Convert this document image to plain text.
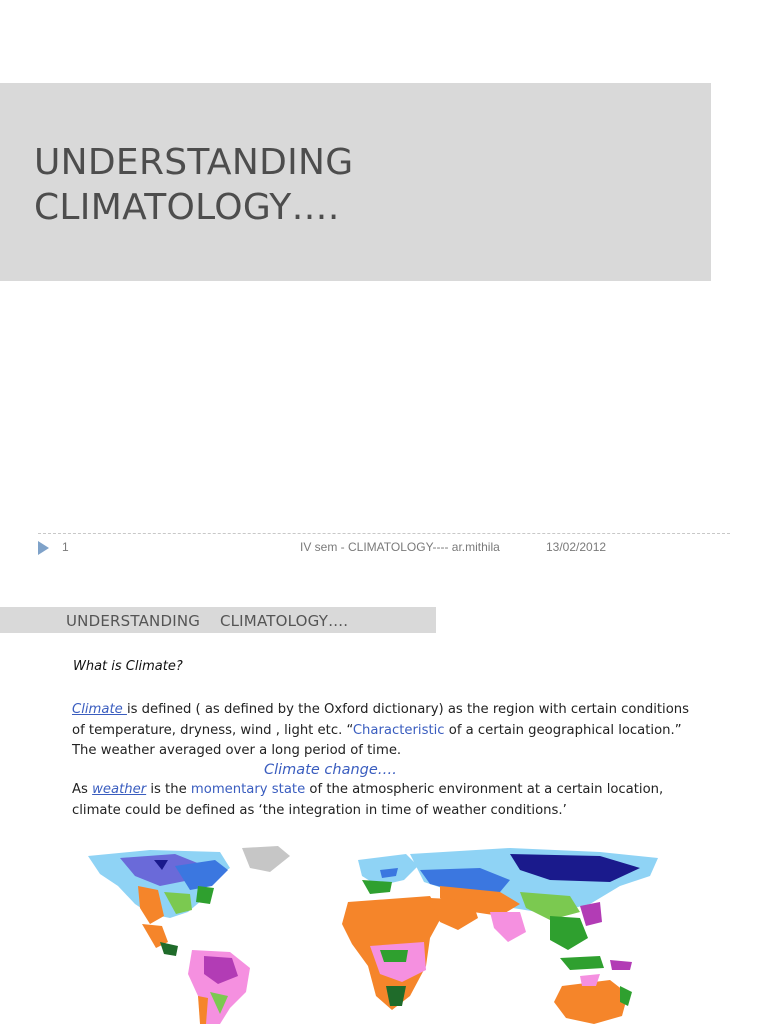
UNDERSTANDING
CLIMATOLOGY….
1	IV sem - CLIMATOLOGY---- ar.mithila	13/02/2012
UNDERSTANDING    CLIMATOLOGY….
What is Climate?

Climate is defined ( as defined by the Oxford dictionary) as the region with certain conditions of temperature, dryness, wind , light etc. “Characteristic of a certain geographical location.” The weather averaged over a long period of time.

Climate change….

As weather is the momentary state of the atmospheric environment at a certain location, climate could be defined as ‘the integration in time of weather conditions.’
